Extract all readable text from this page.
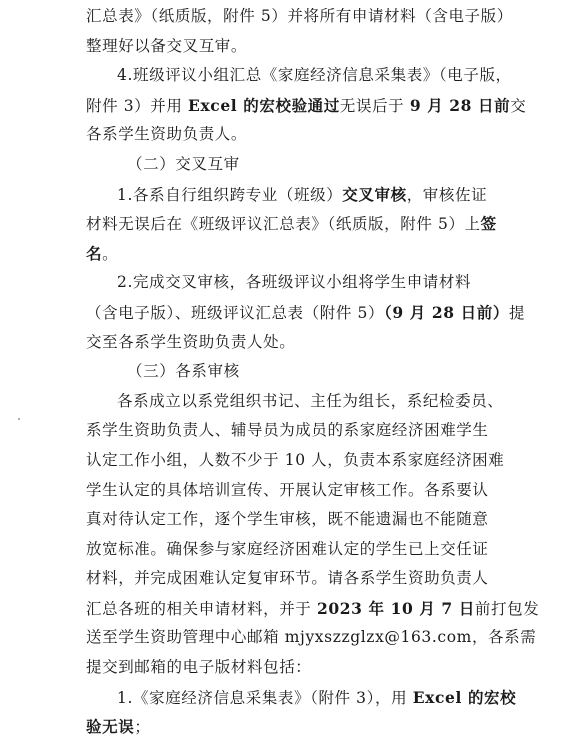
汇总表》（纸质版，附件 5）并将所有申请材料（含电子版）
整理好以备交叉互审。
4.班级评议小组汇总《家庭经济信息采集表》（电子版，
附件 3）并用 Excel 的宏校验通过无误后于 9 月 28 日前交
各系学生资助负责人。
（二）交叉互审
1.各系自行组织跨专业（班级）交叉审核，审核佐证
材料无误后在《班级评议汇总表》（纸质版，附件 5）上签
名。
2.完成交叉审核，各班级评议小组将学生申请材料
（含电子版）、班级评议汇总表（附件 5）（9 月 28 日前）提
交至各系学生资助负责人处。
（三）各系审核
各系成立以系党组织书记、主任为组长，系纪检委员、
系学生资助负责人、辅导员为成员的系家庭经济困难学生
认定工作小组，人数不少于 10 人，负责本系家庭经济困难
学生认定的具体培训宣传、开展认定审核工作。各系要认
真对待认定工作，逐个学生审核，既不能遗漏也不能随意
放宽标准。确保参与家庭经济困难认定的学生已上交任证
材料，并完成困难认定复审环节。请各系学生资助负责人
汇总各班的相关申请材料，并于 2023 年 10 月 7 日前打包发
送至学生资助管理中心邮箱 mjyxszzglzx@163.com，各系需
提交到邮箱的电子版材料包括：
1.《家庭经济信息采集表》（附件 3），用 Excel 的宏校
验无误；
